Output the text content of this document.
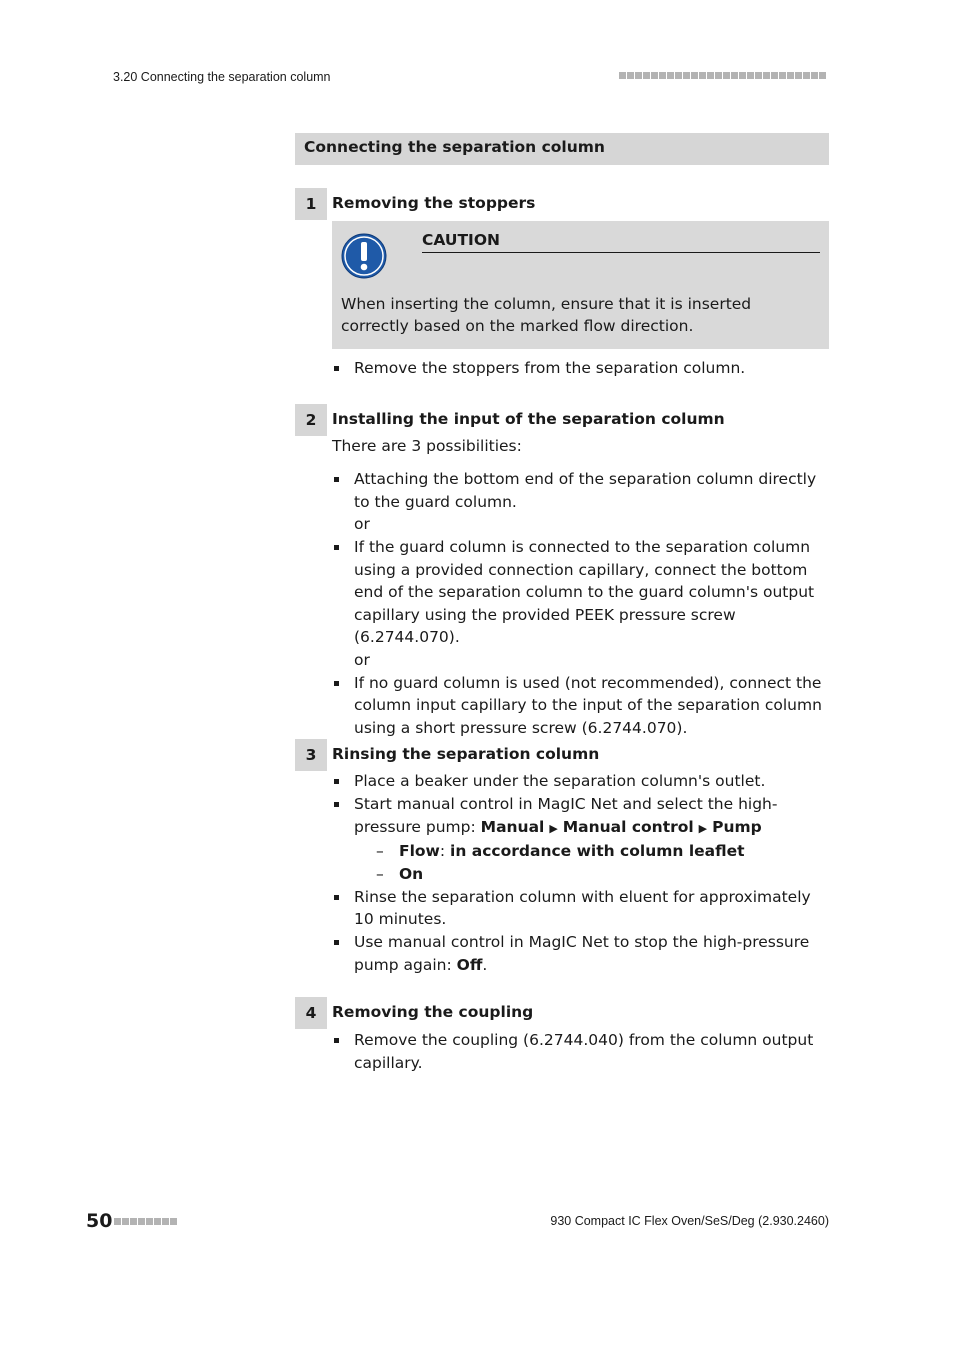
3.20 Connecting the separation column
Connecting the separation column
1	Removing the stoppers
CAUTION
When inserting the column, ensure that it is inserted correctly based on the marked flow direction.
Remove the stoppers from the separation column.
2	Installing the input of the separation column
There are 3 possibilities:
Attaching the bottom end of the separation column directly to the guard column.
or
If the guard column is connected to the separation column using a provided connection capillary, connect the bottom end of the separation column to the guard column's output capillary using the provided PEEK pressure screw (6.2744.070).
or
If no guard column is used (not recommended), connect the column input capillary to the input of the separation column using a short pressure screw (6.2744.070).
3	Rinsing the separation column
Place a beaker under the separation column's outlet.
Start manual control in MagIC Net and select the high-pressure pump: Manual ▶ Manual control ▶ Pump
– Flow: in accordance with column leaflet
– On
Rinse the separation column with eluent for approximately 10 minutes.
Use manual control in MagIC Net to stop the high-pressure pump again: Off.
4	Removing the coupling
Remove the coupling (6.2744.040) from the column output capillary.
50	930 Compact IC Flex Oven/SeS/Deg (2.930.2460)
